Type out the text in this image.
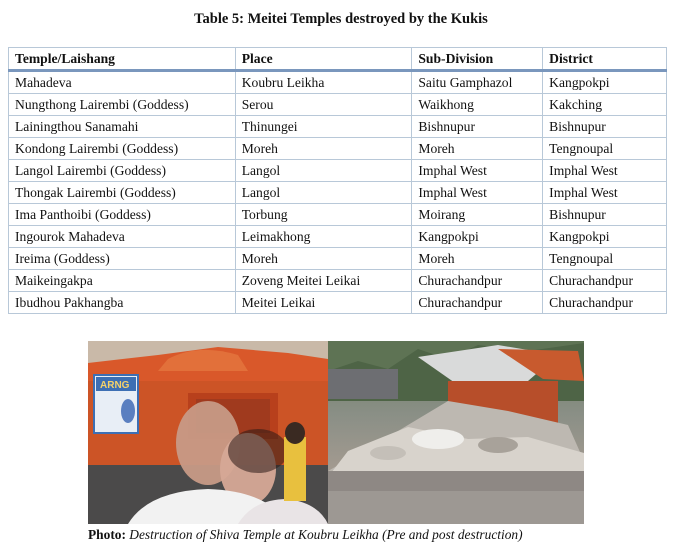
Table 5: Meitei Temples destroyed by the Kukis
Temple/Laishang	Place	Sub-Division	District
Mahadeva	Koubru Leikha	Saitu Gamphazol	Kangpokpi
Nungthong Lairembi (Goddess)	Serou	Waikhong	Kakching
Lainingthou Sanamahi	Thinungei	Bishnupur	Bishnupur
Kondong Lairembi (Goddess)	Moreh	Moreh	Tengnoupal
Langol Lairembi (Goddess)	Langol	Imphal West	Imphal West
Thongak Lairembi (Goddess)	Langol	Imphal West	Imphal West
Ima Panthoibi (Goddess)	Torbung	Moirang	Bishnupur
Ingourok Mahadeva	Leimakhong	Kangpokpi	Kangpokpi
Ireima (Goddess)	Moreh	Moreh	Tengnoupal
Maikeingakpa	Zoveng Meitei Leikai	Churachandpur	Churachandpur
Ibudhou Pakhangba	Meitei Leikai	Churachandpur	Churachandpur
ARNG
Photo: Destruction of Shiva Temple at Koubru Leikha (Pre and post destruction)
